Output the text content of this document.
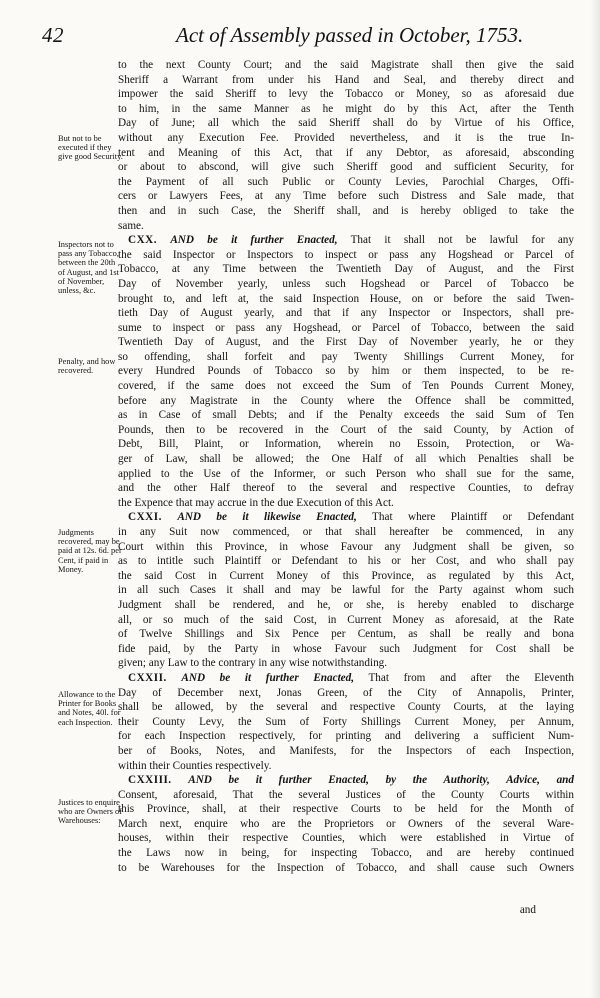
42	Act of Assembly passed in October, 1753.
But not to be executed if they give good Security.
Inspectors not to pass any Tobacco, between the 20th of August, and 1st of November, unless, &c.
Penalty, and how recovered.
Judgments recovered, may be paid at 12s. 6d. per Cent, if paid in Money.
Allowance to the Printer for Books and Notes, 40l. for each Inspection.
Justices to enquire who are Owners of Warehouses:

to the next County Court; and the said Magistrate shall then give the said

Sheriff a Warrant from under his Hand and Seal, and thereby direct and

impower the said Sheriff to levy the Tobacco or Money, so as aforesaid due

to him, in the same Manner as he might do by this Act, after the Tenth

Day of June; all which the said Sheriff shall do by Virtue of his Office,

without any Execution Fee. Provided nevertheless, and it is the true In-

tent and Meaning of this Act, that if any Debtor, as aforesaid, absconding

or about to abscond, will give such Sheriff good and sufficient Security, for

the Payment of all such Public or County Levies, Parochial Charges, Offi-

cers or Lawyers Fees, at any Time before such Distress and Sale made, that

then and in such Case, the Sheriff shall, and is hereby obliged to take the

same.

CXX. AND be it further Enacted, That it shall not be lawful for any

the said Inspector or Inspectors to inspect or pass any Hogshead or Parcel of

Tobacco, at any Time between the Twentieth Day of August, and the First

Day of November yearly, unless such Hogshead or Parcel of Tobacco be

brought to, and left at, the said Inspection House, on or before the said Twen-

tieth Day of August yearly, and that if any Inspector or Inspectors, shall pre-

sume to inspect or pass any Hogshead, or Parcel of Tobacco, between the said

Twentieth Day of August, and the First Day of November yearly, he or they

so offending, shall forfeit and pay Twenty Shillings Current Money, for

every Hundred Pounds of Tobacco so by him or them inspected, to be re-

covered, if the same does not exceed the Sum of Ten Pounds Current Money,

before any Magistrate in the County where the Offence shall be committed,

as in Case of small Debts; and if the Penalty exceeds the said Sum of Ten

Pounds, then to be recovered in the Court of the said County, by Action of

Debt, Bill, Plaint, or Information, wherein no Essoin, Protection, or Wa-

ger of Law, shall be allowed; the One Half of all which Penalties shall be

applied to the Use of the Informer, or such Person who shall sue for the same,

and the other Half thereof to the several and respective Counties, to defray

the Expence that may accrue in the due Execution of this Act.

CXXI. AND be it likewise Enacted, That where Plaintiff or Defendant

in any Suit now commenced, or that shall hereafter be commenced, in any

Court within this Province, in whose Favour any Judgment shall be given, so

as to intitle such Plaintiff or Defendant to his or her Cost, and who shall pay

the said Cost in Current Money of this Province, as regulated by this Act,

in all such Cases it shall and may be lawful for the Party against whom such

Judgment shall be rendered, and he, or she, is hereby enabled to discharge

all, or so much of the said Cost, in Current Money as aforesaid, at the Rate

of Twelve Shillings and Six Pence per Centum, as shall be really and bona

fide paid, by the Party in whose Favour such Judgment for Cost shall be

given; any Law to the contrary in any wise notwithstanding.

CXXII. AND be it further Enacted, That from and after the Eleventh

Day of December next, Jonas Green, of the City of Annapolis, Printer,

shall be allowed, by the several and respective County Courts, at the laying

their County Levy, the Sum of Forty Shillings Current Money, per Annum,

for each Inspection respectively, for printing and delivering a sufficient Num-

ber of Books, Notes, and Manifests, for the Inspectors of each Inspection,

within their Counties respectively.

CXXIII. AND be it further Enacted, by the Authority, Advice, and

Consent, aforesaid, That the several Justices of the County Courts within

this Province, shall, at their respective Courts to be held for the Month of

March next, enquire who are the Proprietors or Owners of the several Ware-

houses, within their respective Counties, which were established in Virtue of

the Laws now in being, for inspecting Tobacco, and are hereby continued

to be Warehouses for the Inspection of Tobacco, and shall cause such Owners

and
